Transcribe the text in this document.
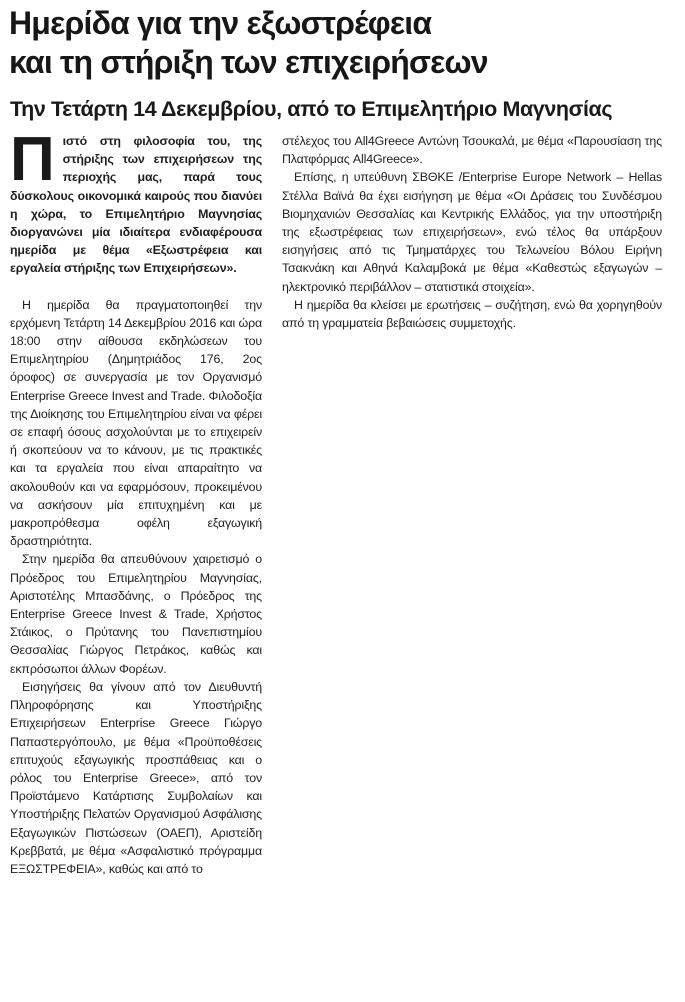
Ημερίδα για την εξωστρέφεια
και τη στήριξη των επιχειρήσεων
Την Τετάρτη 14 Δεκεμβρίου, από το Επιμελητήριο Μαγνησίας

Πιστό στη φιλοσοφία του, της στήριξης των επιχειρήσεων της περιοχής μας, παρά τους δύσκολους οικονομικά καιρούς που διανύει η χώρα, το Επιμελητήριο Μαγνησίας διοργανώνει μία ιδιαίτερα ενδιαφέρουσα ημερίδα με θέμα «Εξωστρέφεια και εργαλεία στήριξης των Επιχειρήσεων».

Η ημερίδα θα πραγματοποιηθεί την ερχόμενη Τετάρτη 14 Δεκεμβρίου 2016 και ώρα 18:00 στην αίθουσα εκδηλώσεων του Επιμελητηρίου (Δημητριάδος 176, 2ος όροφος) σε συνεργασία με τον Οργανισμό Enterprise Greece Invest and Trade. Φιλοδοξία της Διοίκησης του Επιμελητηρίου είναι να φέρει σε επαφή όσους ασχολούνται με το επιχειρείν ή σκοπεύουν να το κάνουν, με τις πρακτικές και τα εργαλεία που είναι απαραίτητο να ακολουθούν και να εφαρμόσουν, προκειμένου να ασκήσουν μία επιτυχημένη και με μακροπρόθεσμα οφέλη εξαγωγική δραστηριότητα.

Στην ημερίδα θα απευθύνουν χαιρετισμό ο Πρόεδρος του Επιμελητηρίου Μαγνησίας, Αριστοτέλης Μπασδάνης, ο Πρόεδρος της Enterprise Greece Invest & Trade, Χρήστος Στάικος, ο Πρύτανης του Πανεπιστημίου Θεσσαλίας Γιώργος Πετράκος, καθώς και εκπρόσωποι άλλων Φορέων.

Εισηγήσεις θα γίνουν από τον Διευθυντή Πληροφόρησης και Υποστήριξης Επιχειρήσεων Enterprise Greece Γιώργο Παπαστεργόπουλο, με θέμα «Προϋποθέσεις επιτυχούς εξαγωγικής προσπάθειας και ο ρόλος του Enterprise Greece», από τον Προϊστάμενο Κατάρτισης Συμβολαίων και Υποστήριξης Πελατών Οργανισμού Ασφάλισης Εξαγωγικών Πιστώσεων (ΟΑΕΠ), Αριστείδη Κρεββατά, με θέμα «Ασφαλιστικό πρόγραμμα ΕΞΩΣΤΡΕΦΕΙΑ», καθώς και από το

στέλεχος του All4Greece Αντώνη Τσουκαλά, με θέμα «Παρουσίαση της Πλατφόρμας All4Greece».

Επίσης, η υπεύθυνη ΣΒΘΚΕ /Enterprise Europe Network – Hellas Στέλλα Βαϊνά θα έχει εισήγηση με θέμα «Οι Δράσεις του Συνδέσμου Βιομηχανιών Θεσσαλίας και Κεντρικής Ελλάδος, για την υποστήριξη της εξωστρέφειας των επιχειρήσεων», ενώ τέλος θα υπάρξουν εισηγήσεις από τις Τμηματάρχες του Τελωνείου Βόλου Ειρήνη Τσακνάκη και Αθηνά Καλαμβοκά με θέμα «Καθεστώς εξαγωγών – ηλεκτρονικό περιβάλλον – στατιστικά στοιχεία».

Η ημερίδα θα κλείσει με ερωτήσεις – συζήτηση, ενώ θα χορηγηθούν από τη γραμματεία βεβαιώσεις συμμετοχής.
